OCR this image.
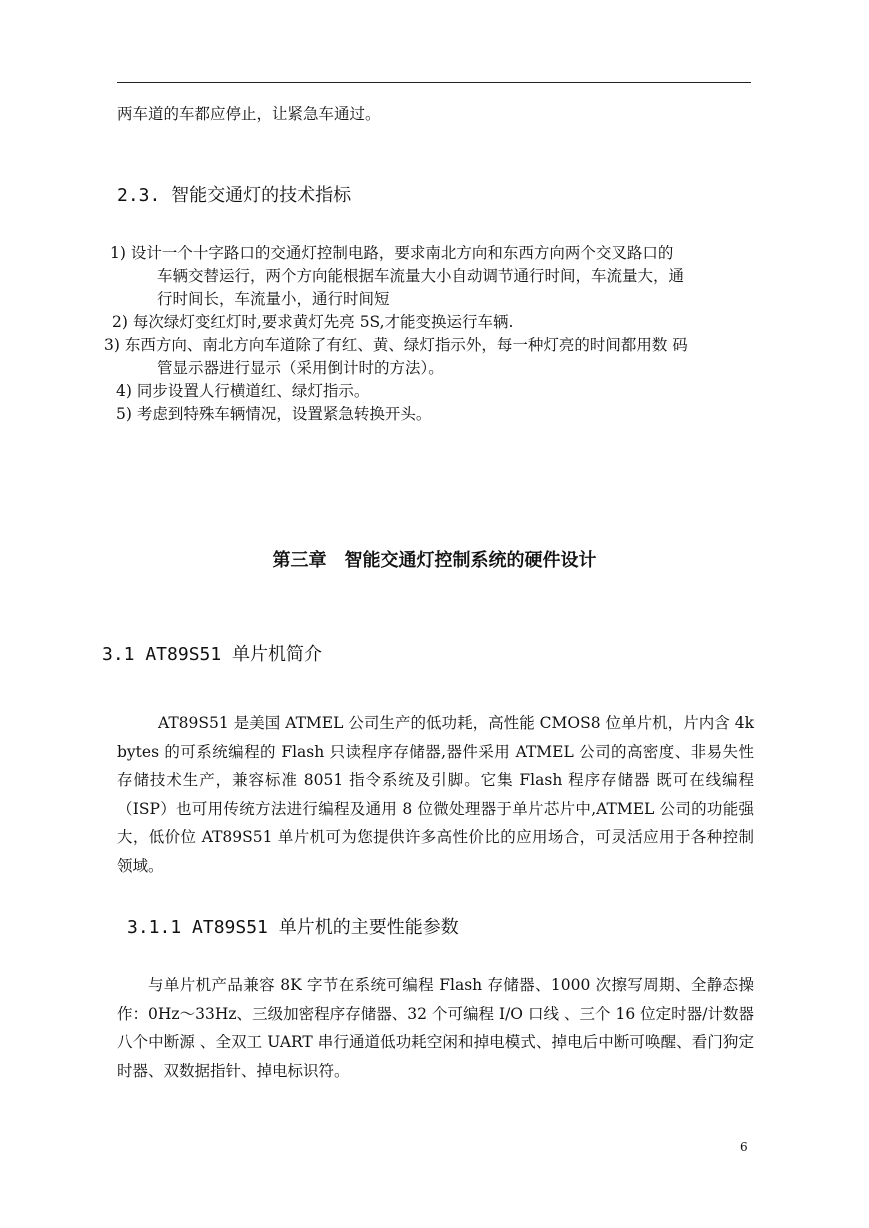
两车道的车都应停止，让紧急车通过。
2.3. 智能交通灯的技术指标
1) 设计一个十字路口的交通灯控制电路，要求南北方向和东西方向两个交叉路口的
车辆交替运行，两个方向能根据车流量大小自动调节通行时间，车流量大，通
行时间长，车流量小，通行时间短
2) 每次绿灯变红灯时,要求黄灯先亮 5S,才能变换运行车辆.
3) 东西方向、南北方向车道除了有红、黄、绿灯指示外，每一种灯亮的时间都用数 码
管显示器进行显示（采用倒计时的方法）。
4) 同步设置人行横道红、绿灯指示。
5) 考虑到特殊车辆情况，设置紧急转换开头。
第三章　智能交通灯控制系统的硬件设计
3.1 AT89S51 单片机简介
AT89S51 是美国 ATMEL 公司生产的低功耗，高性能 CMOS8 位单片机，片内含 4k bytes 的可系统编程的 Flash 只读程序存储器,器件采用 ATMEL 公司的高密度、非易失性存储技术生产，兼容标准 8051 指令系统及引脚。它集 Flash 程序存储器 既可在线编程（ISP）也可用传统方法进行编程及通用 8 位微处理器于单片芯片中,ATMEL 公司的功能强大，低价位 AT89S51 单片机可为您提供许多高性价比的应用场合，可灵活应用于各种控制领域。
3.1.1 AT89S51 单片机的主要性能参数
与单片机产品兼容 8K 字节在系统可编程 Flash 存储器、1000 次擦写周期、全静态操作：0Hz～33Hz、三级加密程序存储器、32 个可编程 I/O 口线 、三个 16 位定时器/计数器 八个中断源 、全双工 UART 串行通道低功耗空闲和掉电模式、掉电后中断可唤醒、看门狗定时器、双数据指针、掉电标识符。
6
